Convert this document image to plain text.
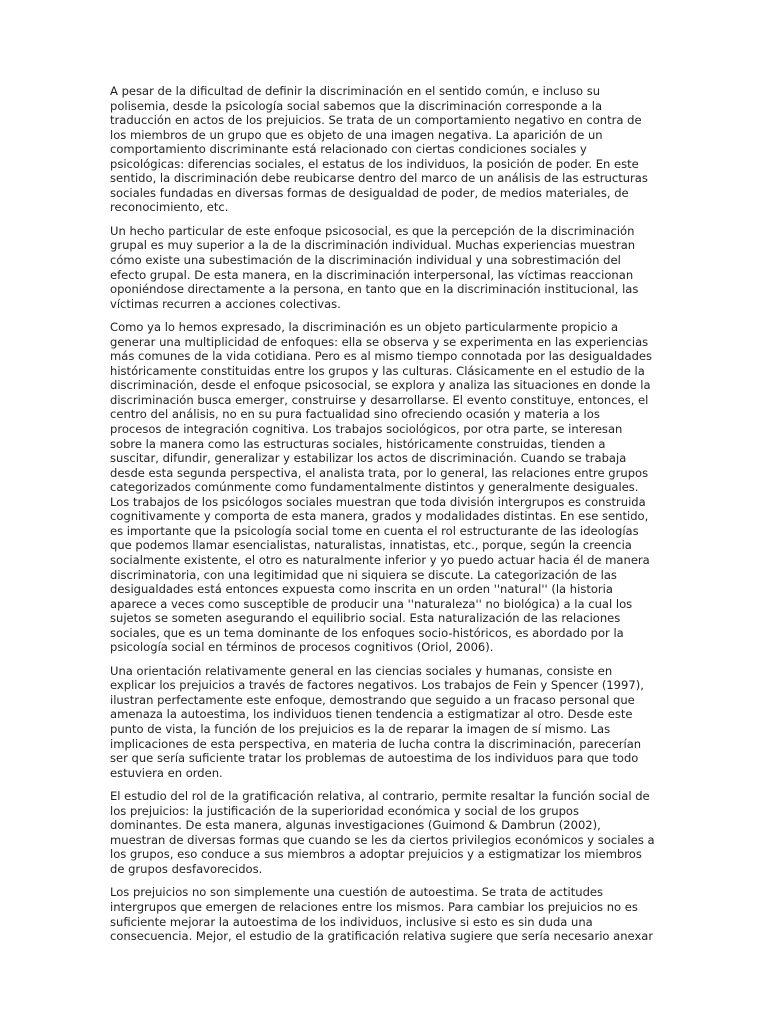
A pesar de la dificultad de definir la discriminación en el sentido común, e incluso su
polisemia, desde la psicología social sabemos que la discriminación corresponde a la
traducción en actos de los prejuicios. Se trata de un comportamiento negativo en contra de
los miembros de un grupo que es objeto de una imagen negativa. La aparición de un
comportamiento discriminante está relacionado con ciertas condiciones sociales y
psicológicas: diferencias sociales, el estatus de los individuos, la posición de poder. En este
sentido, la discriminación debe reubicarse dentro del marco de un análisis de las estructuras
sociales fundadas en diversas formas de desigualdad de poder, de medios materiales, de
reconocimiento, etc.

Un hecho particular de este enfoque psicosocial, es que la percepción de la discriminación
grupal es muy superior a la de la discriminación individual. Muchas experiencias muestran
cómo existe una subestimación de la discriminación individual y una sobrestimación del
efecto grupal. De esta manera, en la discriminación interpersonal, las víctimas reaccionan
oponiéndose directamente a la persona, en tanto que en la discriminación institucional, las
víctimas recurren a acciones colectivas.

Como ya lo hemos expresado, la discriminación es un objeto particularmente propicio a
generar una multiplicidad de enfoques: ella se observa y se experimenta en las experiencias
más comunes de la vida cotidiana. Pero es al mismo tiempo connotada por las desigualdades
históricamente constituidas entre los grupos y las culturas. Clásicamente en el estudio de la
discriminación, desde el enfoque psicosocial, se explora y analiza las situaciones en donde la
discriminación busca emerger, construirse y desarrollarse. El evento constituye, entonces, el
centro del análisis, no en su pura factualidad sino ofreciendo ocasión y materia a los
procesos de integración cognitiva. Los trabajos sociológicos, por otra parte, se interesan
sobre la manera como las estructuras sociales, históricamente construidas, tienden a
suscitar, difundir, generalizar y estabilizar los actos de discriminación. Cuando se trabaja
desde esta segunda perspectiva, el analista trata, por lo general, las relaciones entre grupos
categorizados comúnmente como fundamentalmente distintos y generalmente desiguales.
Los trabajos de los psicólogos sociales muestran que toda división intergrupos es construida
cognitivamente y comporta de esta manera, grados y modalidades distintas. En ese sentido,
es importante que la psicología social tome en cuenta el rol estructurante de las ideologías
que podemos llamar esencialistas, naturalistas, innatistas, etc., porque, según la creencia
socialmente existente, el otro es naturalmente inferior y yo puedo actuar hacia él de manera
discriminatoria, con una legitimidad que ni siquiera se discute. La categorización de las
desigualdades está entonces expuesta como inscrita en un orden ''natural'' (la historia
aparece a veces como susceptible de producir una ''naturaleza'' no biológica) a la cual los
sujetos se someten asegurando el equilibrio social. Esta naturalización de las relaciones
sociales, que es un tema dominante de los enfoques socio-históricos, es abordado por la
psicología social en términos de procesos cognitivos (Oriol, 2006).

Una orientación relativamente general en las ciencias sociales y humanas, consiste en
explicar los prejuicios a través de factores negativos. Los trabajos de Fein y Spencer (1997),
ilustran perfectamente este enfoque, demostrando que seguido a un fracaso personal que
amenaza la autoestima, los individuos tienen tendencia a estigmatizar al otro. Desde este
punto de vista, la función de los prejuicios es la de reparar la imagen de sí mismo. Las
implicaciones de esta perspectiva, en materia de lucha contra la discriminación, parecerían
ser que sería suficiente tratar los problemas de autoestima de los individuos para que todo
estuviera en orden.

El estudio del rol de la gratificación relativa, al contrario, permite resaltar la función social de
los prejuicios: la justificación de la superioridad económica y social de los grupos
dominantes. De esta manera, algunas investigaciones (Guimond & Dambrun (2002),
muestran de diversas formas que cuando se les da ciertos privilegios económicos y sociales a
los grupos, eso conduce a sus miembros a adoptar prejuicios y a estigmatizar los miembros
de grupos desfavorecidos.

Los prejuicios no son simplemente una cuestión de autoestima. Se trata de actitudes
intergrupos que emergen de relaciones entre los mismos. Para cambiar los prejuicios no es
suficiente mejorar la autoestima de los individuos, inclusive si esto es sin duda una
consecuencia. Mejor, el estudio de la gratificación relativa sugiere que sería necesario anexar
